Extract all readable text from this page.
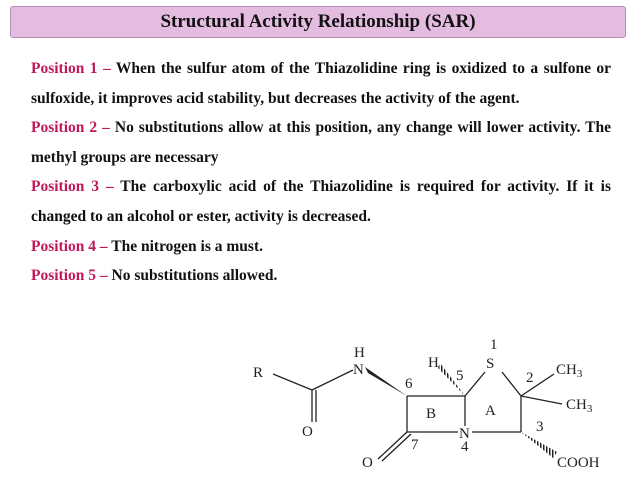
Structural Activity Relationship (SAR)

Position 1 – When the sulfur atom of the Thiazolidine ring is oxidized to a sulfone or sulfoxide, it improves acid stability, but decreases the activity of the agent.

Position 2 – No substitutions allow at this position, any change will lower activity. The methyl groups are necessary

Position 3 – The carboxylic acid of the Thiazolidine is required for activity. If it is changed to an alcohol or ester, activity is decreased.

Position 4 – The nitrogen is a must.

Position 5 – No substitutions allowed.

R
H
N
O
H	S
N
O
$CH_3$
$CH_3$
COOH
1
2
3
4
5
6
7
B	A
